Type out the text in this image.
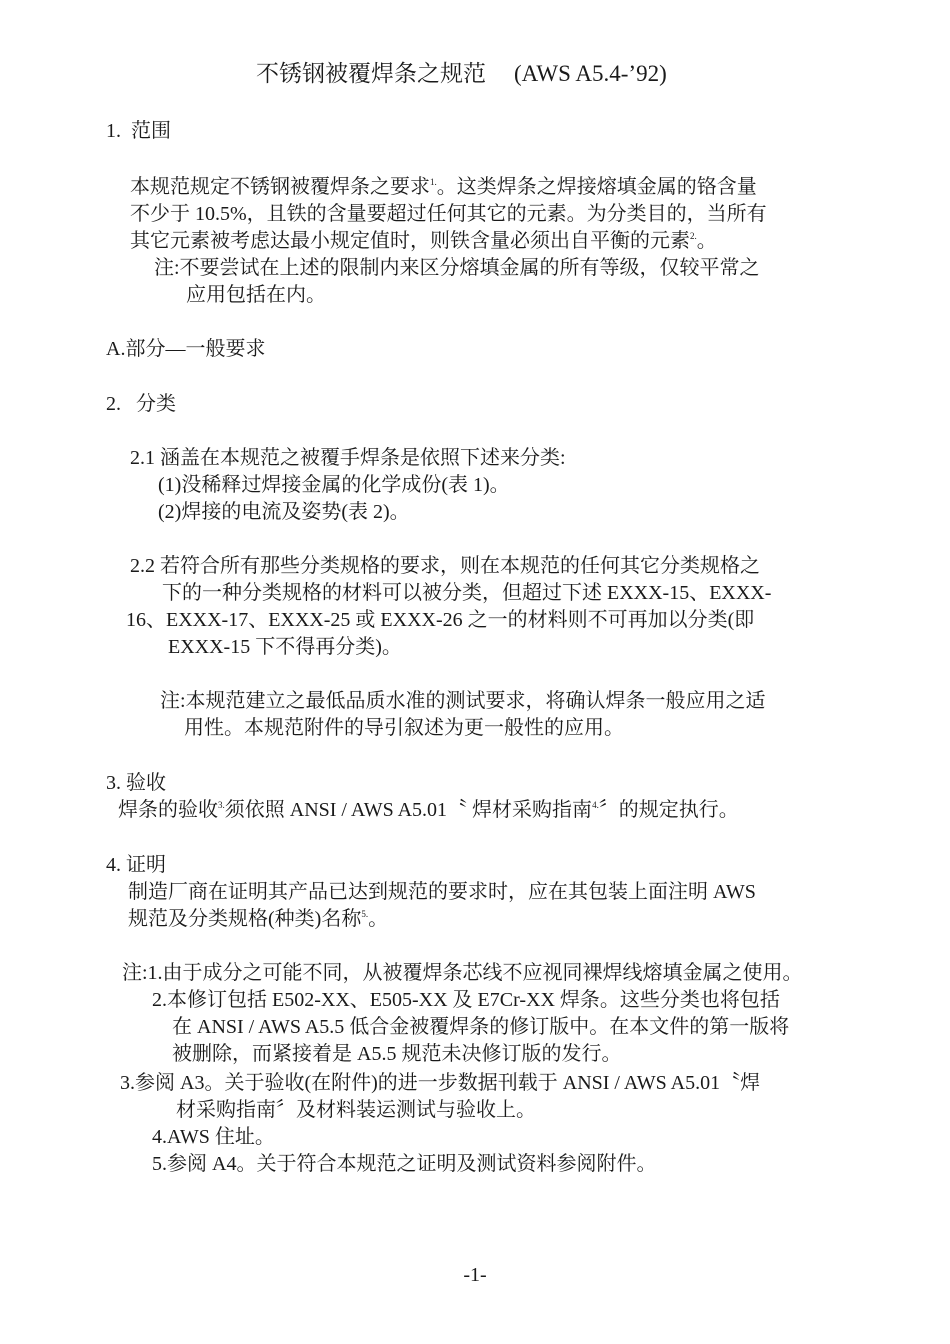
不锈钢被覆焊条之规范 (AWS A5.4-’92)
1.  范围
本规范规定不锈钢被覆焊条之要求$^{1.}$。这类焊条之焊接熔填金属的铬含量
不少于 10.5%，且铁的含量要超过任何其它的元素。为分类目的，当所有
其它元素被考虑达最小规定值时，则铁含量必须出自平衡的元素$^{2.}$。
注:不要尝试在上述的限制内来区分熔填金属的所有等级，仅较平常之
应用包括在内。
A.部分—一般要求
2.   分类
2.1 涵盖在本规范之被覆手焊条是依照下述来分类:
(1)没稀释过焊接金属的化学成份(表 1)。
(2)焊接的电流及姿势(表 2)。
2.2 若符合所有那些分类规格的要求，则在本规范的任何其它分类规格之
下的一种分类规格的材料可以被分类，但超过下述 EXXX-15、EXXX-
16、EXXX-17、EXXX-25 或 EXXX-26 之一的材料则不可再加以分类(即
EXXX-15 下不得再分类)。
注:本规范建立之最低品质水准的测试要求，将确认焊条一般应用之适
用性。本规范附件的导引叙述为更一般性的应用。
3. 验收
焊条的验收$^{3.}$须依照 ANSI / AWS A5.01〝 焊材采购指南$^{4.}$〞的规定执行。
4. 证明
制造厂商在证明其产品已达到规范的要求时，应在其包装上面注明 AWS
规范及分类规格(种类)名称$^{5.}$。
注:1.由于成分之可能不同，从被覆焊条芯线不应视同裸焊线熔填金属之使用。
2.本修订包括 E502-XX、E505-XX 及 E7Cr-XX 焊条。这些分类也将包括
在 ANSI / AWS A5.5 低合金被覆焊条的修订版中。在本文件的第一版将
被删除，而紧接着是 A5.5 规范未决修订版的发行。
3.参阅 A3。关于验收(在附件)的进一步数据刊载于 ANSI / AWS A5.01〝焊
材采购指南〞及材料装运测试与验收上。
4.AWS 住址。
5.参阅 A4。关于符合本规范之证明及测试资料参阅附件。
-1-
